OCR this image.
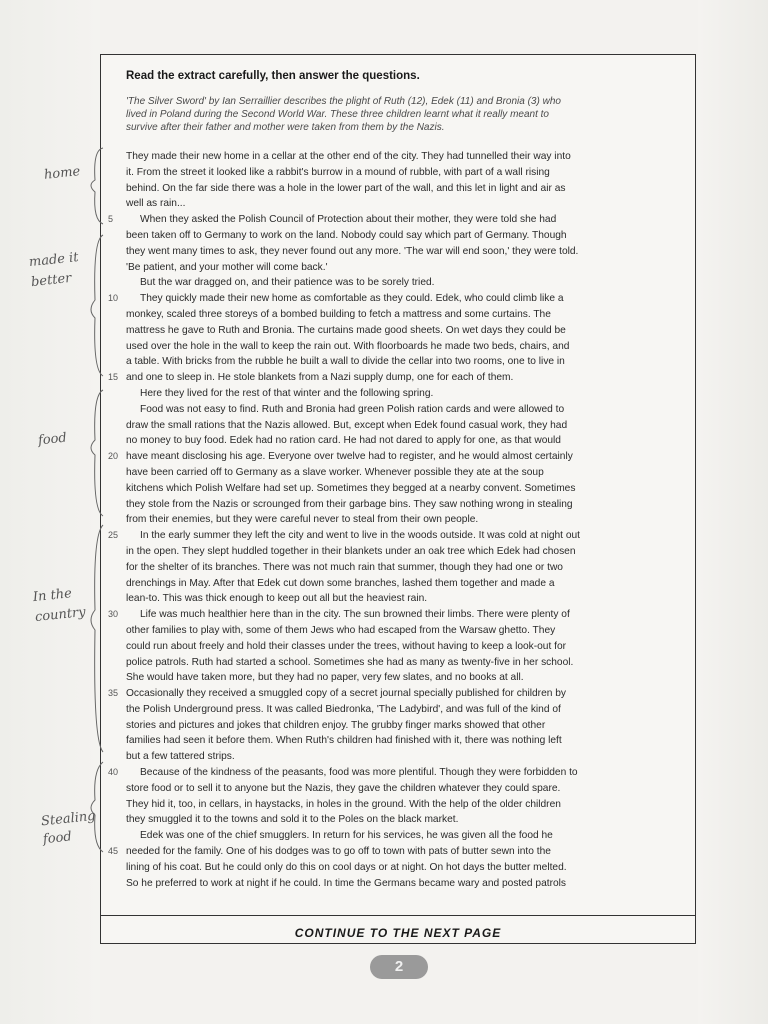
Read the extract carefully, then answer the questions.
'The Silver Sword' by Ian Serraillier describes the plight of Ruth (12), Edek (11) and Bronia (3) who
lived in Poland during the Second World War. These three children learnt what it really meant to
survive after their father and mother were taken from them by the Nazis.
They made their new home in a cellar at the other end of the city. They had tunnelled their way into
it. From the street it looked like a rabbit's burrow in a mound of rubble, with part of a wall rising
behind. On the far side there was a hole in the lower part of the wall, and this let in light and air as
well as rain...
5	When they asked the Polish Council of Protection about their mother, they were told she had
been taken off to Germany to work on the land. Nobody could say which part of Germany. Though
they went many times to ask, they never found out any more. 'The war will end soon,' they were told.
'Be patient, and your mother will come back.'
But the war dragged on, and their patience was to be sorely tried.
10	They quickly made their new home as comfortable as they could. Edek, who could climb like a
monkey, scaled three storeys of a bombed building to fetch a mattress and some curtains. The
mattress he gave to Ruth and Bronia. The curtains made good sheets. On wet days they could be
used over the hole in the wall to keep the rain out. With floorboards he made two beds, chairs, and
a table. With bricks from the rubble he built a wall to divide the cellar into two rooms, one to live in
15 and one to sleep in. He stole blankets from a Nazi supply dump, one for each of them.
Here they lived for the rest of that winter and the following spring.
Food was not easy to find. Ruth and Bronia had green Polish ration cards and were allowed to
draw the small rations that the Nazis allowed. But, except when Edek found casual work, they had
no money to buy food. Edek had no ration card. He had not dared to apply for one, as that would
20 have meant disclosing his age. Everyone over twelve had to register, and he would almost certainly
have been carried off to Germany as a slave worker. Whenever possible they ate at the soup
kitchens which Polish Welfare had set up. Sometimes they begged at a nearby convent. Sometimes
they stole from the Nazis or scrounged from their garbage bins. They saw nothing wrong in stealing
from their enemies, but they were careful never to steal from their own people.
25	In the early summer they left the city and went to live in the woods outside. It was cold at night out
in the open. They slept huddled together in their blankets under an oak tree which Edek had chosen
for the shelter of its branches. There was not much rain that summer, though they had one or two
drenchings in May. After that Edek cut down some branches, lashed them together and made a
lean-to. This was thick enough to keep out all but the heaviest rain.
30	Life was much healthier here than in the city. The sun browned their limbs. There were plenty of
other families to play with, some of them Jews who had escaped from the Warsaw ghetto. They
could run about freely and hold their classes under the trees, without having to keep a look-out for
police patrols. Ruth had started a school. Sometimes she had as many as twenty-five in her school.
She would have taken more, but they had no paper, very few slates, and no books at all.
35 Occasionally they received a smuggled copy of a secret journal specially published for children by
the Polish Underground press. It was called Biedronka, 'The Ladybird', and was full of the kind of
stories and pictures and jokes that children enjoy. The grubby finger marks showed that other
families had seen it before them. When Ruth's children had finished with it, there was nothing left
but a few tattered strips.
40	Because of the kindness of the peasants, food was more plentiful. Though they were forbidden to
store food or to sell it to anyone but the Nazis, they gave the children whatever they could spare.
They hid it, too, in cellars, in haystacks, in holes in the ground. With the help of the older children
they smuggled it to the towns and sold it to the Poles on the black market.
Edek was one of the chief smugglers. In return for his services, he was given all the food he
45 needed for the family. One of his dodges was to go off to town with pats of butter sewn into the
lining of his coat. But he could only do this on cool days or at night. On hot days the butter melted.
So he preferred to work at night if he could. In time the Germans became wary and posted patrols
home
made it better
food
In the country
Stealing food
CONTINUE TO THE NEXT PAGE
2
